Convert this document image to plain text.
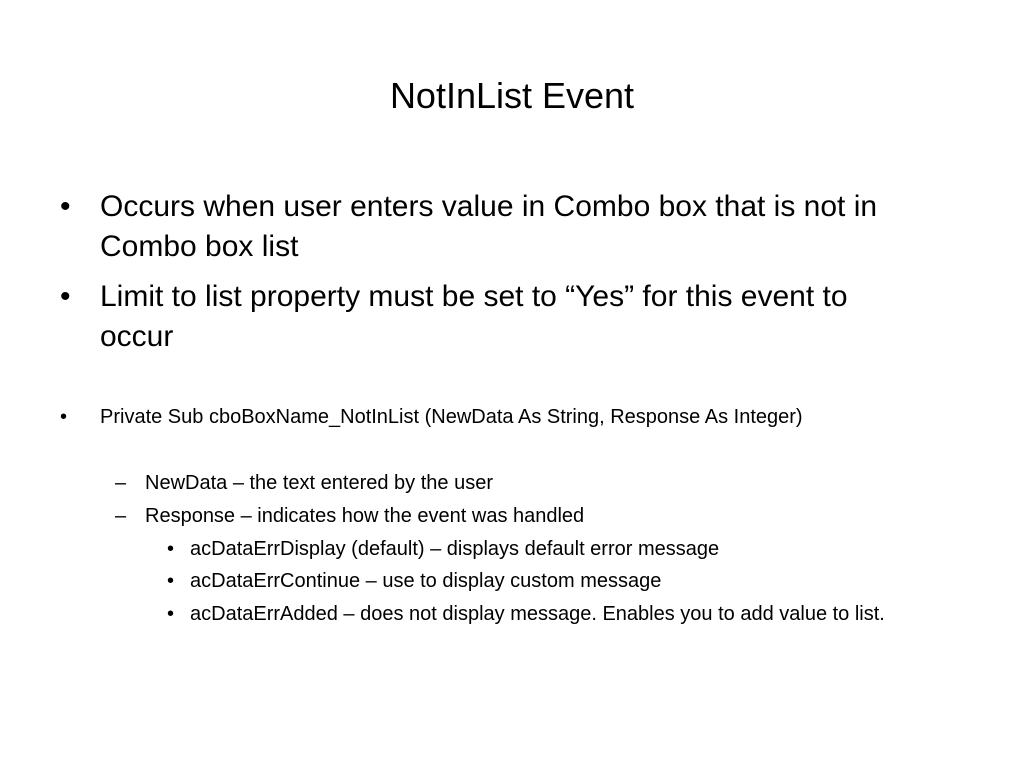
NotInList Event
• Occurs when user enters value in Combo box that is not in
Combo box list
• Limit to list property must be set to “Yes” for this event to
occur
• Private Sub cboBoxName_NotInList (NewData As String, Response As Integer)
– NewData – the text entered by the user
– Response – indicates how the event was handled
• acDataErrDisplay (default) – displays default error message
• acDataErrContinue – use to display custom message
• acDataErrAdded – does not display message. Enables you to add value to list.
